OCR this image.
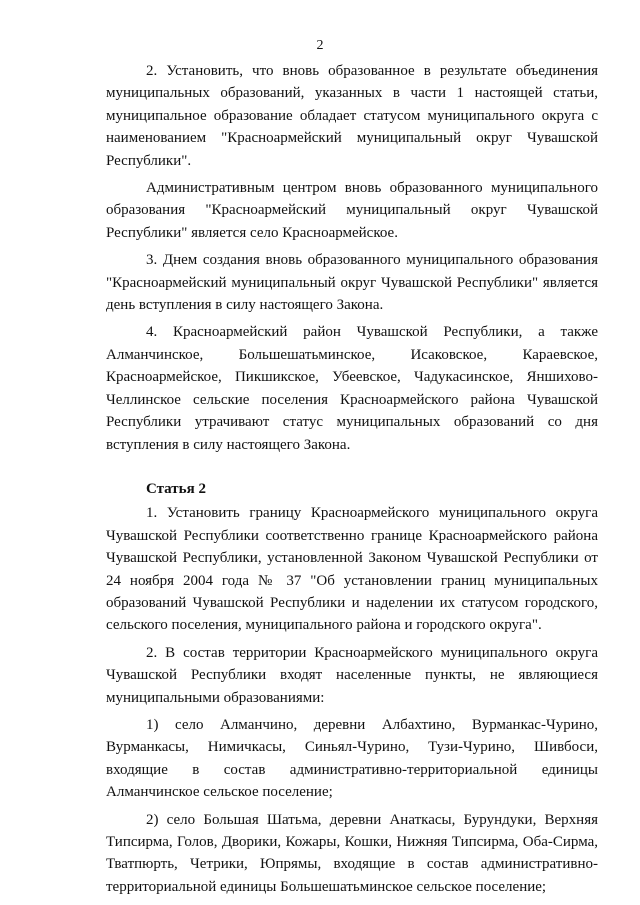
2

2. Установить, что вновь образованное в результате объединения муниципальных образований, указанных в части 1 настоящей статьи, муниципальное образование обладает статусом муниципального округа с наименованием "Красноармейский муниципальный округ Чувашской Республики".

Административным центром вновь образованного муниципального образования "Красноармейский муниципальный округ Чувашской Республики" является село Красноармейское.

3. Днем создания вновь образованного муниципального образования "Красноармейский муниципальный округ Чувашской Республики" является день вступления в силу настоящего Закона.

4. Красноармейский район Чувашской Республики, а также Алманчинское, Большешатьминское, Исаковское, Караевское, Красноармейское, Пикшикское, Убеевское, Чадукасинское, Яншихово-Челлинское сельские поселения Красноармейского района Чувашской Республики утрачивают статус муниципальных образований со дня вступления в силу настоящего Закона.

Статья 2

1. Установить границу Красноармейского муниципального округа Чувашской Республики соответственно границе Красноармейского района Чувашской Республики, установленной Законом Чувашской Республики от 24 ноября 2004 года № 37 "Об установлении границ муниципальных образований Чувашской Республики и наделении их статусом городского, сельского поселения, муниципального района и городского округа".

2. В состав территории Красноармейского муниципального округа Чувашской Республики входят населенные пункты, не являющиеся муниципальными образованиями:

1) село Алманчино, деревни Албахтино, Вурманкас-Чурино, Вурманкасы, Нимичкасы, Синьял-Чурино, Тузи-Чурино, Шивбоси, входящие в состав административно-территориальной единицы Алманчинское сельское поселение;

2) село Большая Шатьма, деревни Анаткасы, Бурундуки, Верхняя Типсирма, Голов, Дворики, Кожары, Кошки, Нижняя Типсирма, Оба-Сирма, Тватпюрть, Четрики, Юпрямы, входящие в состав административно-территориальной единицы Большешатьминское сельское поселение;
